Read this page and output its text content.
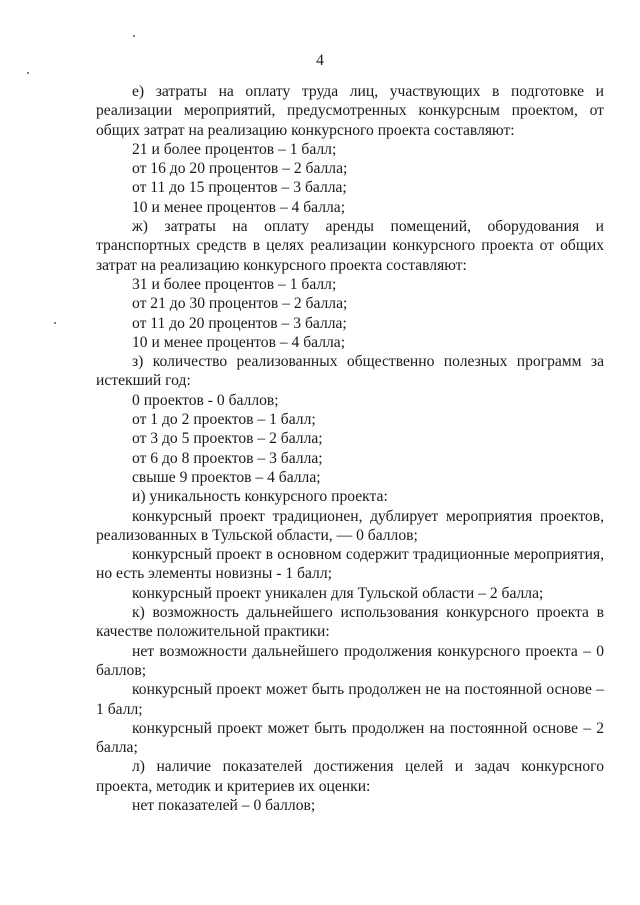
4

е) затраты на оплату труда лиц, участвующих в подготовке и реализации мероприятий, предусмотренных конкурсным проектом, от общих затрат на реализацию конкурсного проекта составляют:

21 и более процентов – 1 балл;

от 16 до 20 процентов – 2 балла;

от 11 до 15 процентов – 3 балла;

10 и менее процентов – 4 балла;

ж) затраты на оплату аренды помещений, оборудования и транспортных средств в целях реализации конкурсного проекта от общих затрат на реализацию конкурсного проекта составляют:

31 и более процентов – 1 балл;

от 21 до 30 процентов – 2 балла;

от 11 до 20 процентов – 3 балла;

10 и менее процентов – 4 балла;

з) количество реализованных общественно полезных программ за истекший год:

0 проектов - 0 баллов;

от 1 до 2 проектов – 1 балл;

от 3 до 5 проектов – 2 балла;

от 6 до 8 проектов – 3 балла;

свыше 9 проектов – 4 балла;

и) уникальность конкурсного проекта:

конкурсный проект традиционен, дублирует мероприятия проектов, реализованных в Тульской области, — 0 баллов;

конкурсный проект в основном содержит традиционные мероприятия, но есть элементы новизны - 1 балл;

конкурсный проект уникален для Тульской области – 2 балла;

к) возможность дальнейшего использования конкурсного проекта в качестве положительной практики:

нет возможности дальнейшего продолжения конкурсного проекта – 0 баллов;

конкурсный проект может быть продолжен не на постоянной основе – 1 балл;

конкурсный проект может быть продолжен на постоянной основе – 2 балла;

л) наличие показателей достижения целей и задач конкурсного проекта, методик и критериев их оценки:

нет показателей – 0 баллов;
